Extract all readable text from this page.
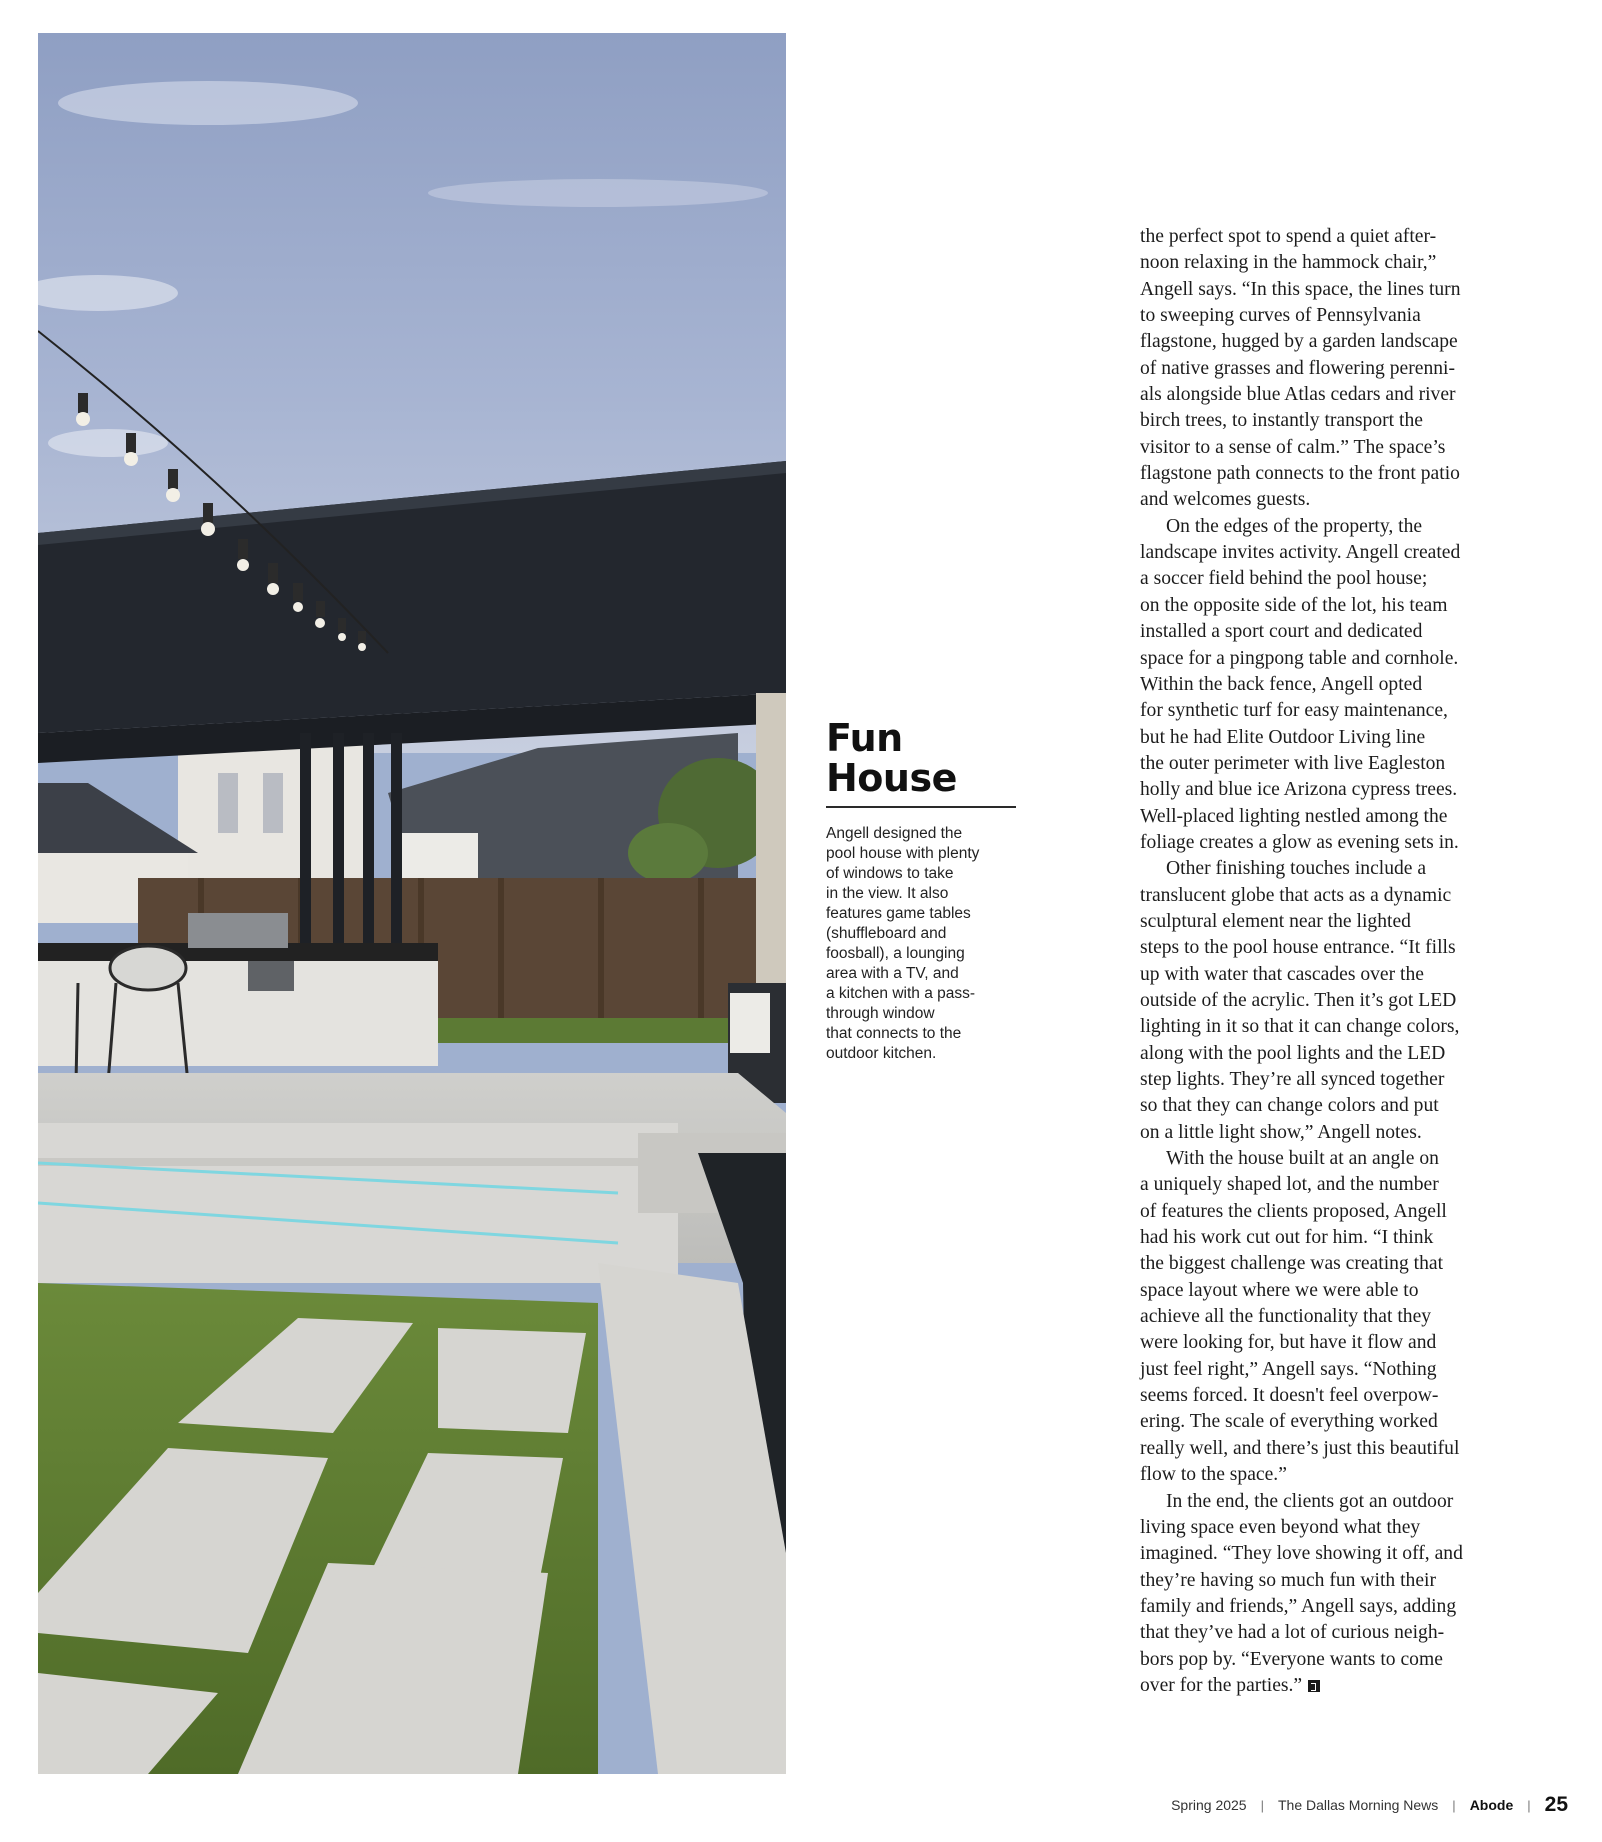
Fun
House
Angell designed the
pool house with plenty
of windows to take
in the view. It also
features game tables
(shuffleboard and
foosball), a lounging
area with a TV, and
a kitchen with a pass-
through window
that connects to the
outdoor kitchen.
the perfect spot to spend a quiet after-
noon relaxing in the hammock chair,”
Angell says. “In this space, the lines turn
to sweeping curves of Pennsylvania
flagstone, hugged by a garden landscape
of native grasses and flowering perenni-
als alongside blue Atlas cedars and river
birch trees, to instantly transport the
visitor to a sense of calm.” The space’s
flagstone path connects to the front patio
and welcomes guests.
On the edges of the property, the
landscape invites activity. Angell created
a soccer field behind the pool house;
on the opposite side of the lot, his team
installed a sport court and dedicated
space for a pingpong table and cornhole.
Within the back fence, Angell opted
for synthetic turf for easy maintenance,
but he had Elite Outdoor Living line
the outer perimeter with live Eagleston
holly and blue ice Arizona cypress trees.
Well-placed lighting nestled among the
foliage creates a glow as evening sets in.
Other finishing touches include a
translucent globe that acts as a dynamic
sculptural element near the lighted
steps to the pool house entrance. “It fills
up with water that cascades over the
outside of the acrylic. Then it’s got LED
lighting in it so that it can change colors,
along with the pool lights and the LED
step lights. They’re all synced together
so that they can change colors and put
on a little light show,” Angell notes.
With the house built at an angle on
a uniquely shaped lot, and the number
of features the clients proposed, Angell
had his work cut out for him. “I think
the biggest challenge was creating that
space layout where we were able to
achieve all the functionality that they
were looking for, but have it flow and
just feel right,” Angell says. “Nothing
seems forced. It doesn't feel overpow-
ering. The scale of everything worked
really well, and there’s just this beautiful
flow to the space.”
In the end, the clients got an outdoor
living space even beyond what they
imagined. “They love showing it off, and
they’re having so much fun with their
family and friends,” Angell says, adding
that they’ve had a lot of curious neigh-
bors pop by. “Everyone wants to come
over for the parties.”
Spring 2025 | The Dallas Morning News | Abode | 25
